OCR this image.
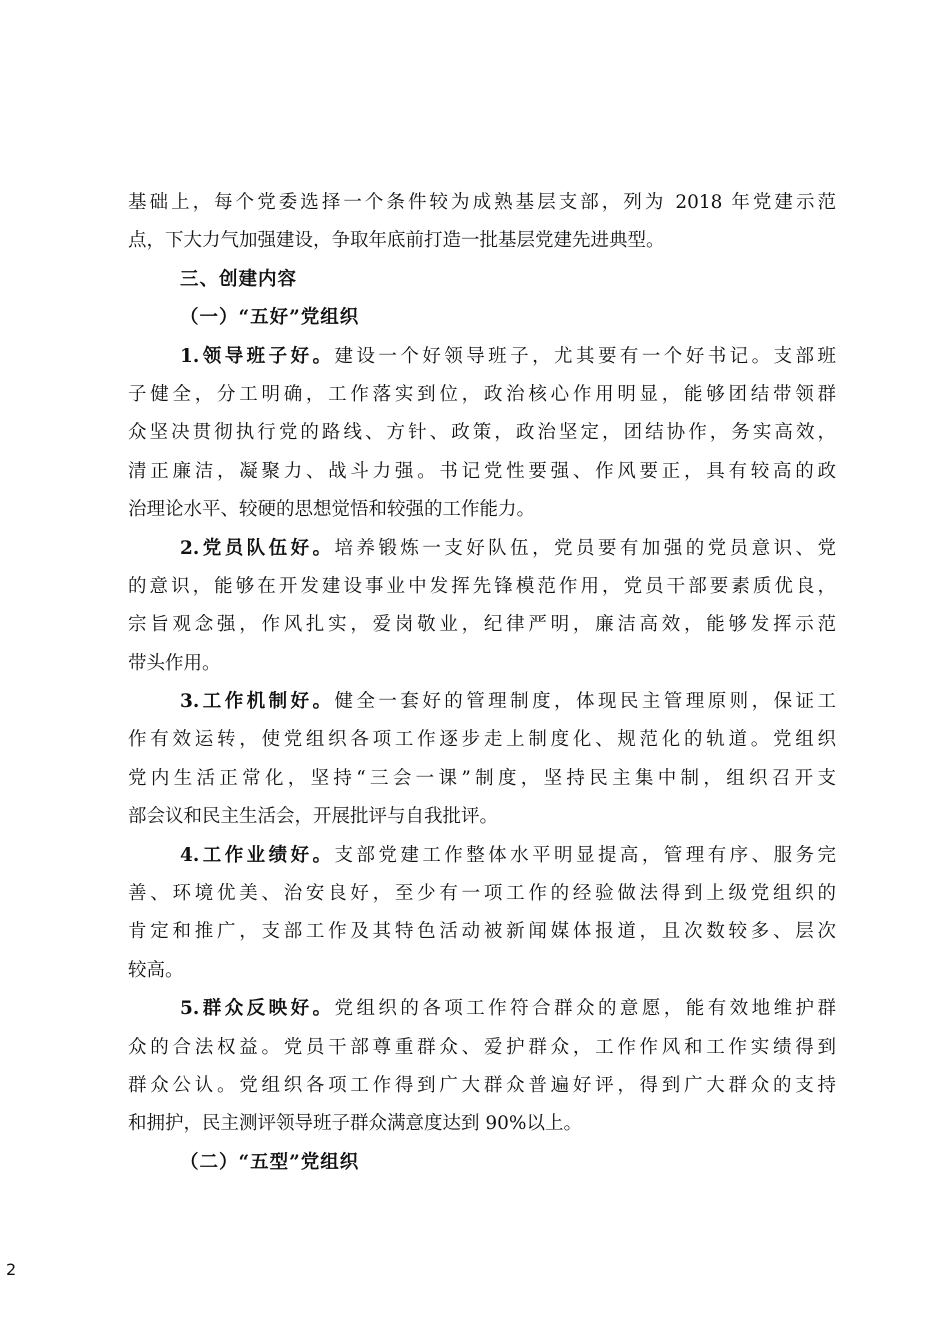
基础上，每个党委选择一个条件较为成熟基层支部，列为 2018 年党建示范
点，下大力气加强建设，争取年底前打造一批基层党建先进典型。
三、创建内容
（一）“五好”党组织
1.领导班子好。建设一个好领导班子，尤其要有一个好书记。支部班
子健全，分工明确，工作落实到位，政治核心作用明显，能够团结带领群
众坚决贯彻执行党的路线、方针、政策，政治坚定，团结协作，务实高效，
清正廉洁，凝聚力、战斗力强。书记党性要强、作风要正，具有较高的政
治理论水平、较硬的思想觉悟和较强的工作能力。
2.党员队伍好。培养锻炼一支好队伍，党员要有加强的党员意识、党
的意识，能够在开发建设事业中发挥先锋模范作用，党员干部要素质优良，
宗旨观念强，作风扎实，爱岗敬业，纪律严明，廉洁高效，能够发挥示范
带头作用。
3.工作机制好。健全一套好的管理制度，体现民主管理原则，保证工
作有效运转，使党组织各项工作逐步走上制度化、规范化的轨道。党组织
党内生活正常化，坚持“三会一课”制度，坚持民主集中制，组织召开支
部会议和民主生活会，开展批评与自我批评。
4.工作业绩好。支部党建工作整体水平明显提高，管理有序、服务完
善、环境优美、治安良好，至少有一项工作的经验做法得到上级党组织的
肯定和推广，支部工作及其特色活动被新闻媒体报道，且次数较多、层次
较高。
5.群众反映好。党组织的各项工作符合群众的意愿，能有效地维护群
众的合法权益。党员干部尊重群众、爱护群众，工作作风和工作实绩得到
群众公认。党组织各项工作得到广大群众普遍好评，得到广大群众的支持
和拥护，民主测评领导班子群众满意度达到 90%以上。
（二）“五型”党组织
2
